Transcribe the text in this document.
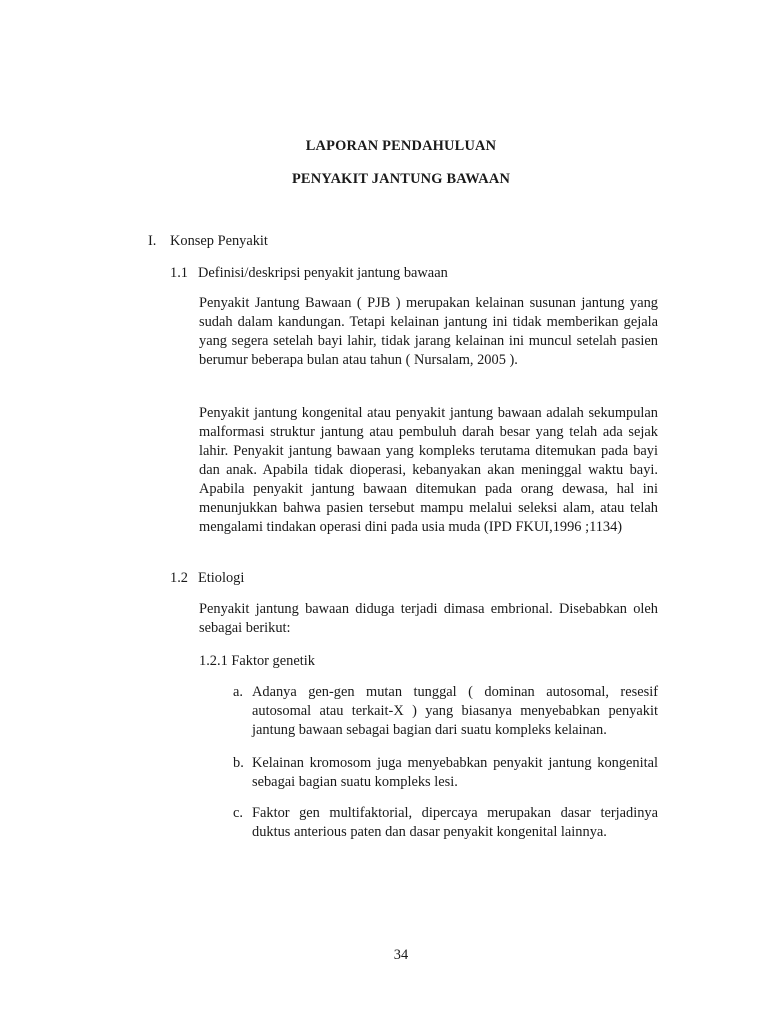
LAPORAN PENDAHULUAN
PENYAKIT JANTUNG BAWAAN
I. Konsep Penyakit
1.1 Definisi/deskripsi penyakit jantung bawaan

Penyakit Jantung Bawaan ( PJB ) merupakan kelainan susunan jantung yang sudah dalam kandungan. Tetapi kelainan jantung ini tidak memberikan gejala yang segera setelah bayi lahir, tidak jarang kelainan ini muncul setelah pasien berumur beberapa bulan atau tahun ( Nursalam, 2005 ).

Penyakit jantung kongenital atau penyakit jantung bawaan adalah sekumpulan malformasi struktur jantung atau pembuluh darah besar yang telah ada sejak lahir. Penyakit jantung bawaan yang kompleks terutama ditemukan pada bayi dan anak. Apabila tidak dioperasi, kebanyakan akan meninggal waktu bayi. Apabila penyakit jantung bawaan ditemukan pada orang dewasa, hal ini menunjukkan bahwa pasien tersebut mampu melalui seleksi alam, atau telah mengalami tindakan operasi dini pada usia muda (IPD FKUI,1996 ;1134)

1.2 Etiologi

Penyakit jantung bawaan diduga terjadi dimasa embrional. Disebabkan oleh sebagai berikut:

1.2.1 Faktor genetik
a. Adanya gen-gen mutan tunggal ( dominan autosomal, resesif autosomal atau terkait-X ) yang biasanya menyebabkan penyakit jantung bawaan sebagai bagian dari suatu kompleks kelainan.
b. Kelainan kromosom juga menyebabkan penyakit jantung kongenital sebagai bagian suatu kompleks lesi.
c. Faktor gen multifaktorial, dipercaya merupakan dasar terjadinya duktus anterious paten dan dasar penyakit kongenital lainnya.
34
